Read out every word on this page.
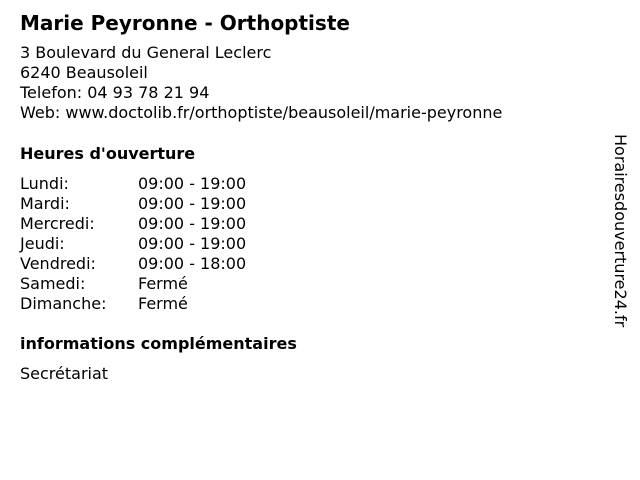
Marie Peyronne - Orthoptiste
3 Boulevard du General Leclerc
6240 Beausoleil
Telefon: 04 93 78 21 94
Web: www.doctolib.fr/orthoptiste/beausoleil/marie-peyronne
Heures d'ouverture
Lundi:	09:00 - 19:00
Mardi:	09:00 - 19:00
Mercredi:	09:00 - 19:00
Jeudi:	09:00 - 19:00
Vendredi:	09:00 - 18:00
Samedi:	Fermé
Dimanche: Fermé
informations complémentaires
Secrétariat
Horairesdouverture24.fr
